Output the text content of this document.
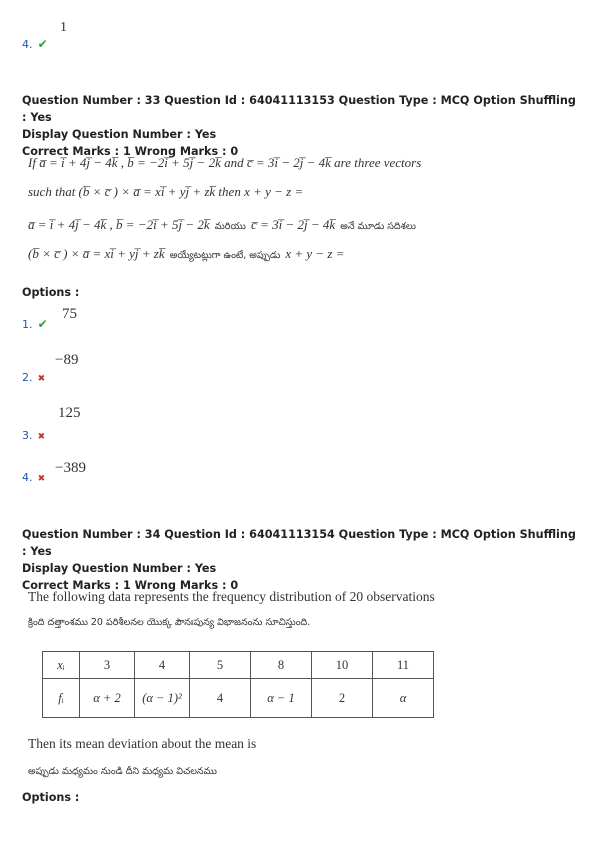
4. ✔
1
Question Number : 33 Question Id : 64041113153 Question Type : MCQ Option Shuffling : Yes
Display Question Number : Yes
Correct Marks : 1 Wrong Marks : 0
If a̅ = i̅ + 4j̅ − 4k̅ , b̅ = −2i̅ + 5j̅ − 2k̅ and c̅ = 3i̅ − 2j̅ − 4k̅ are three vectors
such that (b̅ × c̅ ) × a̅ = xi̅ + yj̅ + zk̅ then x + y − z =
a̅ = i̅ + 4j̅ − 4k̅ , b̅ = −2i̅ + 5j̅ − 2k̅ మరియు c̅ = 3i̅ − 2j̅ − 4k̅ అనే మూడు సదిశలు
(b̅ × c̅ ) × a̅ = xi̅ + yj̅ + zk̅ అయ్యేటట్లుగా ఉంటే, అప్పుడు x + y − z =
Options :
1. ✔
75
−89
2. ✖
125
3. ✖
4. ✖
−389
Question Number : 34 Question Id : 64041113154 Question Type : MCQ Option Shuffling : Yes
Display Question Number : Yes
Correct Marks : 1 Wrong Marks : 0
The following data represents the frequency distribution of 20 observations
క్రింది దత్తాంశము 20 పరిశీలనల యొక్క పౌనఃపున్య విభాజనంను సూచిస్తుంది.
xᵢ	3	4	5	8	10	11
fᵢ	α + 2	(α − 1)²	4	α − 1	2	α
Then its mean deviation about the mean is
అప్పుడు మధ్యమం నుండి దీని మధ్యమ విచలనము
Options :
